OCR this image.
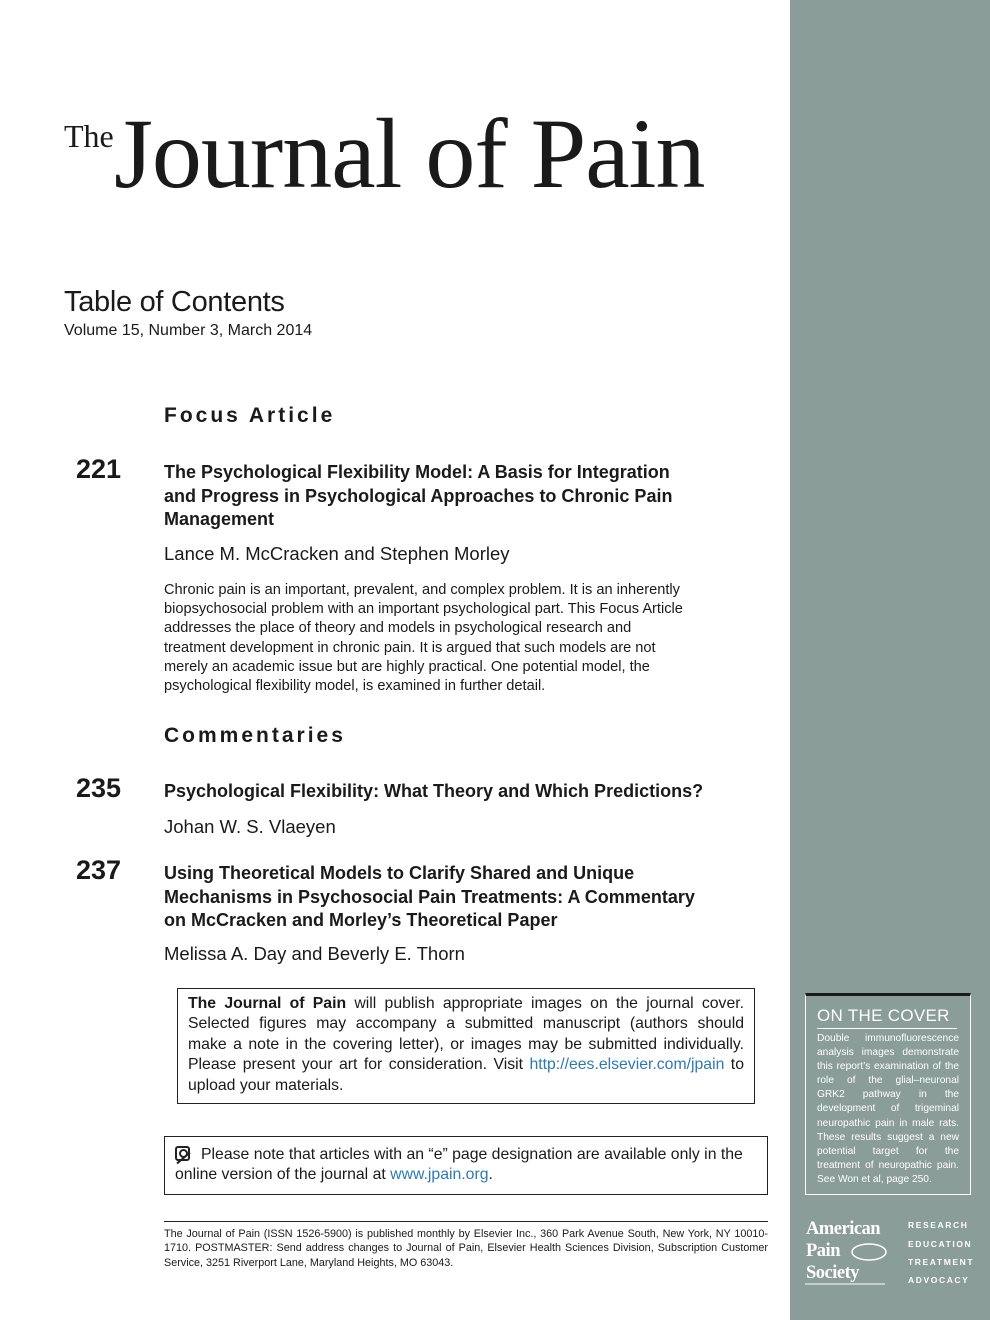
The Journal of Pain
Table of Contents
Volume 15, Number 3, March 2014
Focus Article
221 The Psychological Flexibility Model: A Basis for Integration
and Progress in Psychological Approaches to Chronic Pain
Management
Lance M. McCracken and Stephen Morley

Chronic pain is an important, prevalent, and complex problem. It is an inherently
biopsychosocial problem with an important psychological part. This Focus Article
addresses the place of theory and models in psychological research and
treatment development in chronic pain. It is argued that such models are not
merely an academic issue but are highly practical. One potential model, the
psychological flexibility model, is examined in further detail.

Commentaries
235 Psychological Flexibility: What Theory and Which Predictions?
Johan W. S. Vlaeyen
237 Using Theoretical Models to Clarify Shared and Unique
Mechanisms in Psychosocial Pain Treatments: A Commentary
on McCracken and Morley’s Theoretical Paper
Melissa A. Day and Beverly E. Thorn
The Journal of Pain will publish appropriate images on the journal cover. Selected figures may accompany a submitted manuscript (authors should make a note in the covering letter), or images may be submitted individually. Please present your art for consideration. Visit http://ees.elsevier.com/jpain to upload your materials.
Please note that articles with an “e” page designation are available only in the online version of the journal at www.jpain.org.

The Journal of Pain (ISSN 1526-5900) is published monthly by Elsevier Inc., 360 Park Avenue South, New York, NY 10010-1710. POSTMASTER: Send address changes to Journal of Pain, Elsevier Health Sciences Division, Subscription Customer Service, 3251 Riverport Lane, Maryland Heights, MO 63043.

ON THE COVER

Double immunofluorescence analysis images demonstrate this report’s examination of the role of the glial–neuronal GRK2 pathway in the development of trigeminal neuropathic pain in male rats. These results suggest a new potential target for the treatment of neuropathic pain. See Won et al, page 250.

American
Pain
Society
RESEARCH
EDUCATION
TREATMENT
ADVOCACY
